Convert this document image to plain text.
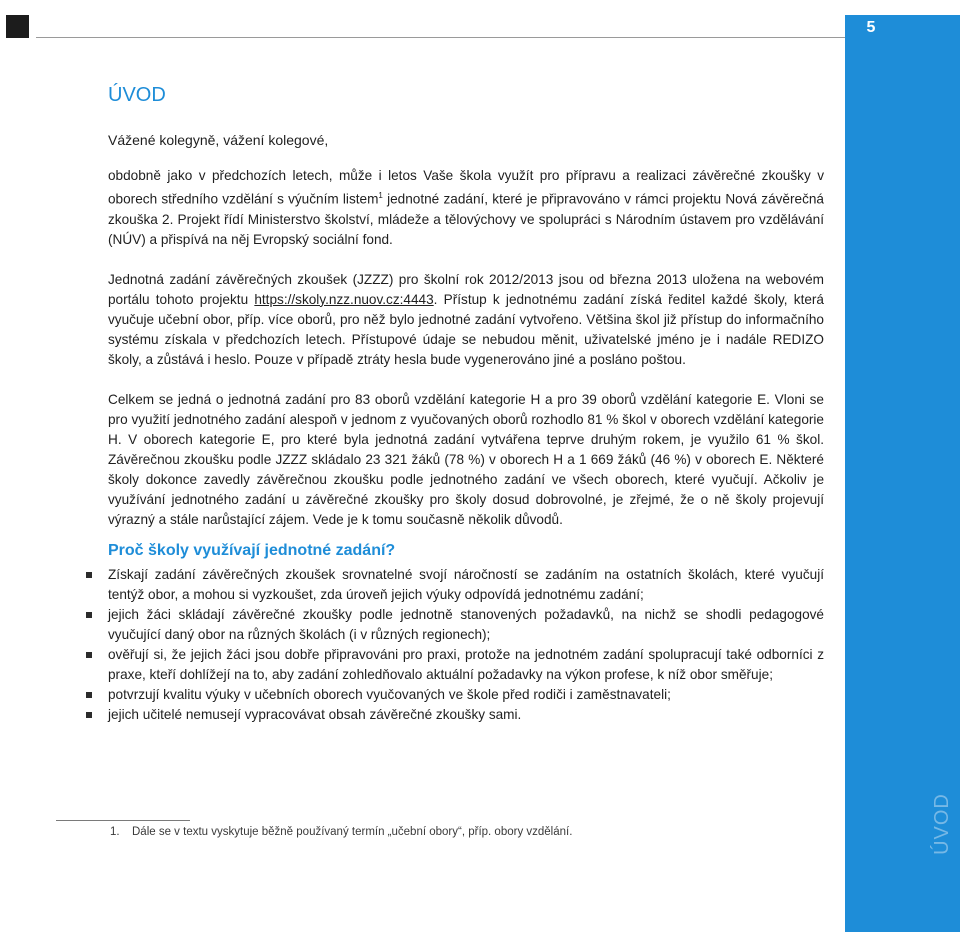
5
ÚVOD
ÚVOD

Vážené kolegyně, vážení kolegové,

obdobně jako v předchozích letech, může i letos Vaše škola využít pro přípravu a realizaci závěrečné zkoušky v oborech středního vzdělání s výučním listem$^1$ jednotné zadání, které je připravováno v rámci projektu Nová závěrečná zkouška 2. Projekt řídí Ministerstvo školství, mládeže a tělovýchovy ve spolupráci s Národním ústavem pro vzdělávání (NÚV) a přispívá na něj Evropský sociální fond.

Jednotná zadání závěrečných zkoušek (JZZZ) pro školní rok 2012/2013 jsou od března 2013 uložena na webovém portálu tohoto projektu https://skoly.nzz.nuov.cz:4443. Přístup k jednotnému zadání získá ředitel každé školy, která vyučuje učební obor, příp. více oborů, pro něž bylo jednotné zadání vytvořeno. Většina škol již přístup do informačního systému získala v předchozích letech. Přístupové údaje se nebudou měnit, uživatelské jméno je i nadále REDIZO školy, a zůstává i heslo. Pouze v případě ztráty hesla bude vygenerováno jiné a posláno poštou.

Celkem se jedná o jednotná zadání pro 83 oborů vzdělání kategorie H a pro 39 oborů vzdělání kategorie E. Vloni se pro využití jednotného zadání alespoň v jednom z vyučovaných oborů rozhodlo 81 % škol v oborech vzdělání kategorie H. V oborech kategorie E, pro které byla jednotná zadání vytvářena teprve druhým rokem, je využilo 61 % škol. Závěrečnou zkoušku podle JZZZ skládalo 23 321 žáků (78 %) v oborech H a 1 669 žáků (46 %) v oborech E. Některé školy dokonce zavedly závěrečnou zkoušku podle jednotného zadání ve všech oborech, které vyučují. Ačkoliv je využívání jednotného zadání u závěrečné zkoušky pro školy dosud dobrovolné, je zřejmé, že o ně školy projevují výrazný a stále narůstající zájem. Vede je k tomu současně několik důvodů.

Proč školy využívají jednotné zadání?
Získají zadání závěrečných zkoušek srovnatelné svojí náročností se zadáním na ostatních školách, které vyučují tentýž obor, a mohou si vyzkoušet, zda úroveň jejich výuky odpovídá jednotnému zadání;
jejich žáci skládají závěrečné zkoušky podle jednotně stanovených požadavků, na nichž se shodli pedagogové vyučující daný obor na různých školách (i v různých regionech);
ověřují si, že jejich žáci jsou dobře připravováni pro praxi, protože na jednotném zadání spolupracují také odborníci z praxe, kteří dohlížejí na to, aby zadání zohledňovalo aktuální požadavky na výkon profese, k níž obor směřuje;
potvrzují kvalitu výuky v učebních oborech vyučovaných ve škole před rodiči i zaměstnavateli;
jejich učitelé nemusejí vypracovávat obsah závěrečné zkoušky sami.
1. Dále se v textu vyskytuje běžně používaný termín „učební obory“, příp. obory vzdělání.
